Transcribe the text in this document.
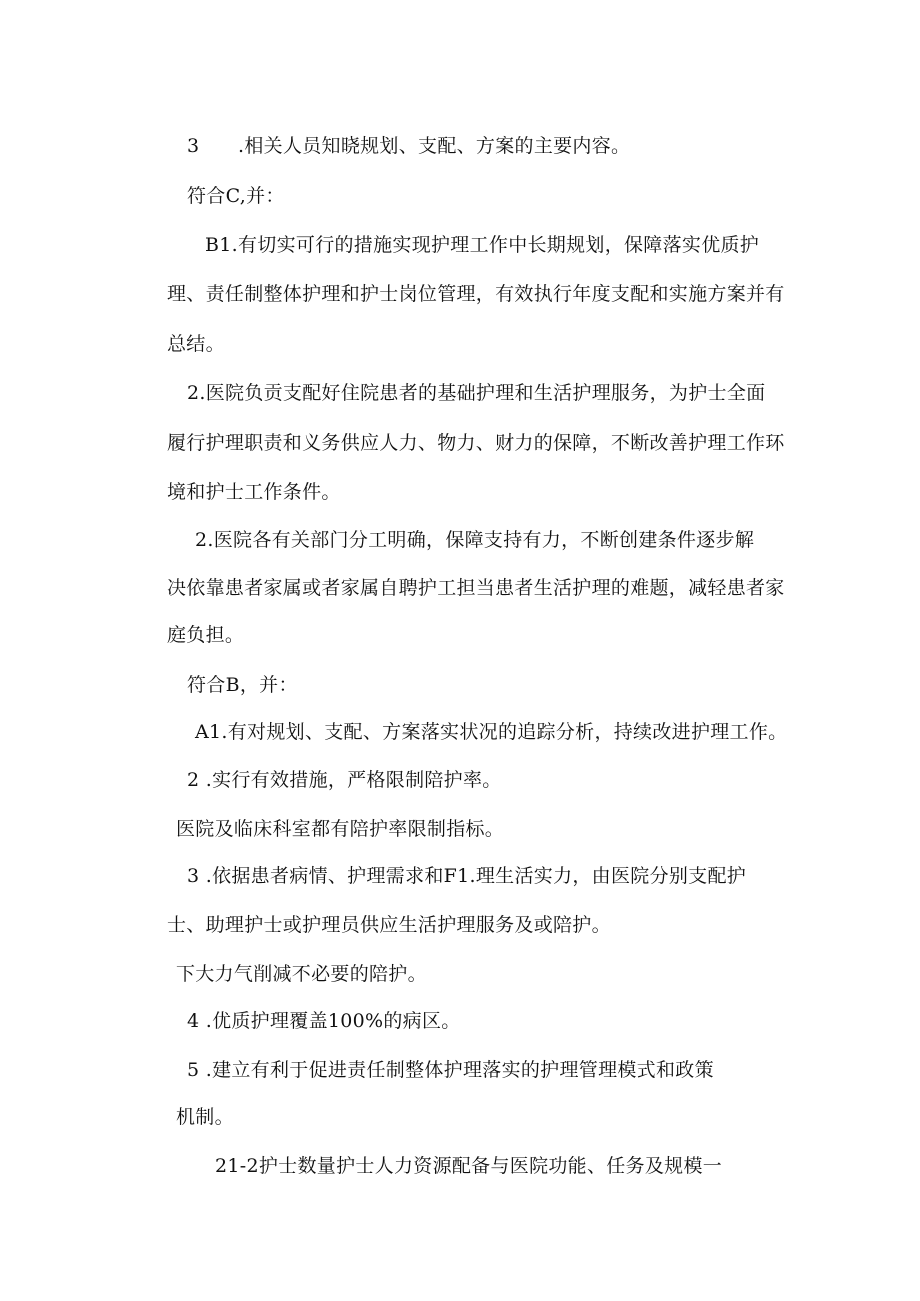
3　　.相关人员知晓规划、支配、方案的主要内容。
符合C,并：
B1.有切实可行的措施实现护理工作中长期规划，保障落实优质护
理、责任制整体护理和护士岗位管理，有效执行年度支配和实施方案并有
总结。
2.医院负贡支配好住院患者的基础护理和生活护理服务，为护士全面
履行护理职责和义务供应人力、物力、财力的保障，不断改善护理工作环
境和护士工作条件。
2.医院各有关部门分工明确，保障支持有力，不断创建条件逐步解
决依靠患者家属或者家属自聘护工担当患者生活护理的难题，减轻患者家
庭负担。
符合B，并：
A1.有对规划、支配、方案落实状况的追踪分析，持续改进护理工作。
2 .实行有效措施，严格限制陪护率。
医院及临床科室都有陪护率限制指标。
3 .依据患者病情、护理需求和F1.理生活实力，由医院分别支配护
士、助理护士或护理员供应生活护理服务及或陪护。
下大力气削减不必要的陪护。
4 .优质护理覆盖100%的病区。
5 .建立有利于促进责任制整体护理落实的护理管理模式和政策
机制。
21-2护士数量护士人力资源配备与医院功能、任务及规模一
